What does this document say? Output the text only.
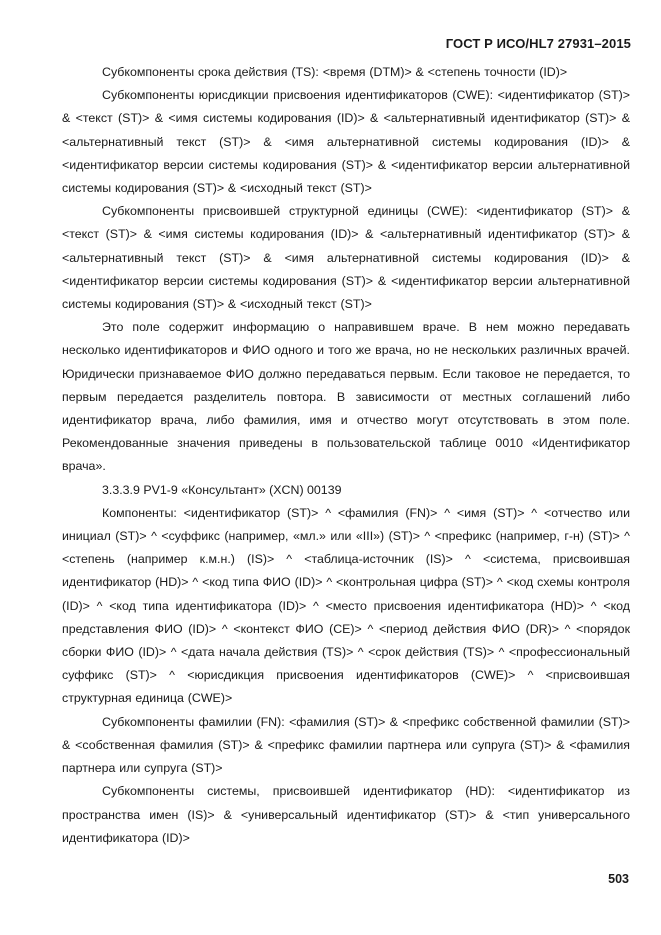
ГОСТ Р ИСО/HL7 27931–2015

Субкомпоненты срока действия (TS): <время (DTM)> & <степень точности (ID)>

Субкомпоненты юрисдикции присвоения идентификаторов (CWE): <идентификатор (ST)> & <текст (ST)> & <имя системы кодирования (ID)> & <альтернативный идентификатор (ST)> & <альтернативный текст (ST)> & <имя альтернативной системы кодирования (ID)> & <идентификатор версии системы кодирования (ST)> & <идентификатор версии альтернативной системы кодирования (ST)> & <исходный текст (ST)>

Субкомпоненты присвоившей структурной единицы (CWE): <идентификатор (ST)> & <текст (ST)> & <имя системы кодирования (ID)> & <альтернативный идентификатор (ST)> & <альтернативный текст (ST)> & <имя альтернативной системы кодирования (ID)> & <идентификатор версии системы кодирования (ST)> & <идентификатор версии альтернативной системы кодирования (ST)> & <исходный текст (ST)>

Это поле содержит информацию о направившем враче. В нем можно передавать несколько идентификаторов и ФИО одного и того же врача, но не нескольких различных врачей. Юридически признаваемое ФИО должно передаваться первым. Если таковое не передается, то первым передается разделитель повтора. В зависимости от местных соглашений либо идентификатор врача, либо фамилия, имя и отчество могут отсутствовать в этом поле. Рекомендованные значения приведены в пользовательской таблице 0010 «Идентификатор врача».

3.3.3.9 PV1-9 «Консультант» (XCN) 00139

Компоненты: <идентификатор (ST)> ^ <фамилия (FN)> ^ <имя (ST)> ^ <отчество или инициал (ST)> ^ <суффикс (например, «мл.» или «III») (ST)> ^ <префикс (например, г-н) (ST)> ^ <степень (например к.м.н.) (IS)> ^ <таблица-источник (IS)> ^ <система, присвоившая идентификатор (HD)> ^ <код типа ФИО (ID)> ^ <контрольная цифра (ST)> ^ <код схемы контроля (ID)> ^ <код типа идентификатора (ID)> ^ <место присвоения идентификатора (HD)> ^ <код представления ФИО (ID)> ^ <контекст ФИО (CE)> ^ <период действия ФИО (DR)> ^ <порядок сборки ФИО (ID)> ^ <дата начала действия (TS)> ^ <срок действия (TS)> ^ <профессиональный суффикс (ST)> ^ <юрисдикция присвоения идентификаторов (CWE)> ^ <присвоившая структурная единица (CWE)>

Субкомпоненты фамилии (FN): <фамилия (ST)> & <префикс собственной фамилии (ST)> & <собственная фамилия (ST)> & <префикс фамилии партнера или супруга (ST)> & <фамилия партнера или супруга (ST)>

Субкомпоненты системы, присвоившей идентификатор (HD): <идентификатор из пространства имен (IS)> & <универсальный идентификатор (ST)> & <тип универсального идентификатора (ID)>

503
